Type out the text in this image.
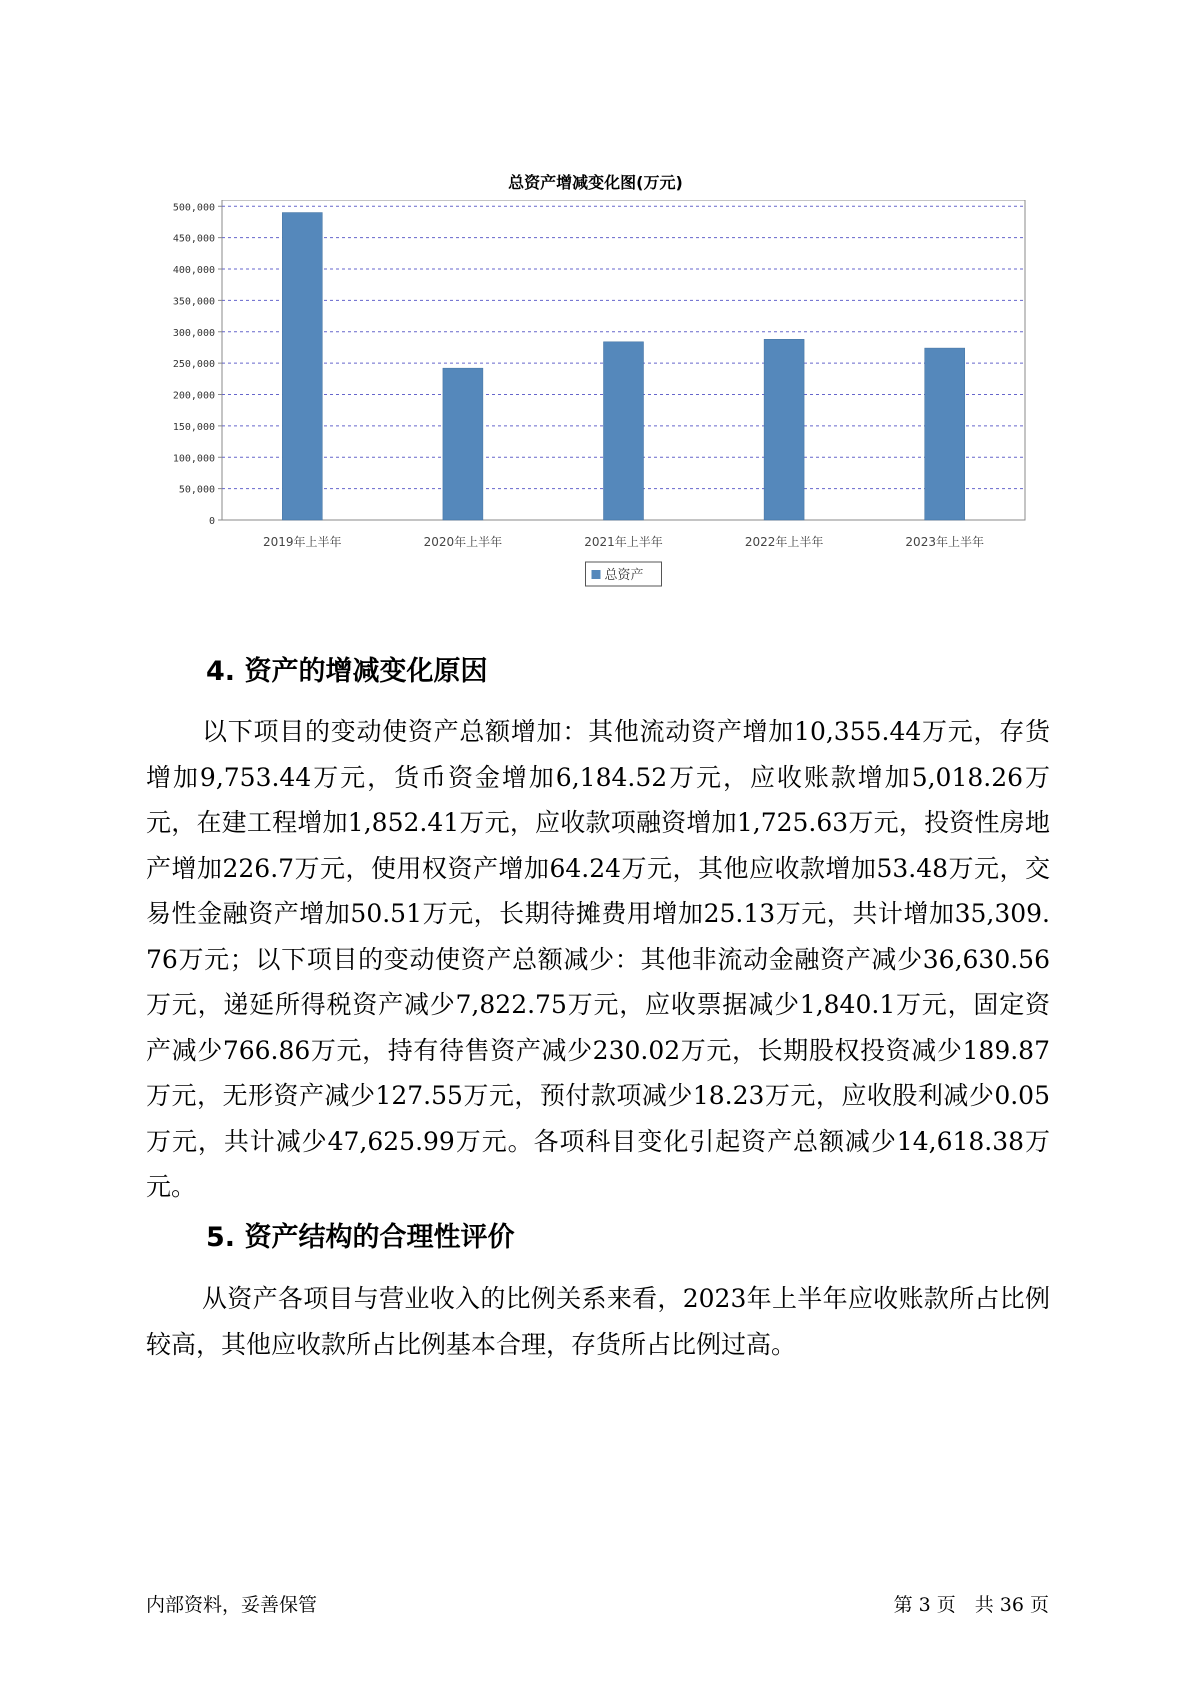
总资产增减变化图(万元)
0
50,000
100,000
150,000
200,000
250,000
300,000
350,000
400,000
450,000
500,000
2019年上半年	2020年上半年	2021年上半年	2022年上半年	2023年上半年
总资产
4. 资产的增减变化原因

以下项目的变动使资产总额增加：其他流动资产增加10,355.44万元，存货增加9,753.44万元，货币资金增加6,184.52万元，应收账款增加5,018.26万元，在建工程增加1,852.41万元，应收款项融资增加1,725.63万元，投资性房地产增加226.7万元，使用权资产增加64.24万元，其他应收款增加53.48万元，交易性金融资产增加50.51万元，长期待摊费用增加25.13万元，共计增加35,309.76万元；以下项目的变动使资产总额减少：其他非流动金融资产减少36,630.56万元，递延所得税资产减少7,822.75万元，应收票据减少1,840.1万元，固定资产减少766.86万元，持有待售资产减少230.02万元，长期股权投资减少189.87万元，无形资产减少127.55万元，预付款项减少18.23万元，应收股利减少0.05万元，共计减少47,625.99万元。各项科目变化引起资产总额减少14,618.38万元。

5. 资产结构的合理性评价

从资产各项目与营业收入的比例关系来看，2023年上半年应收账款所占比例较高，其他应收款所占比例基本合理，存货所占比例过高。

内部资料，妥善保管	第 3 页　共 36 页
